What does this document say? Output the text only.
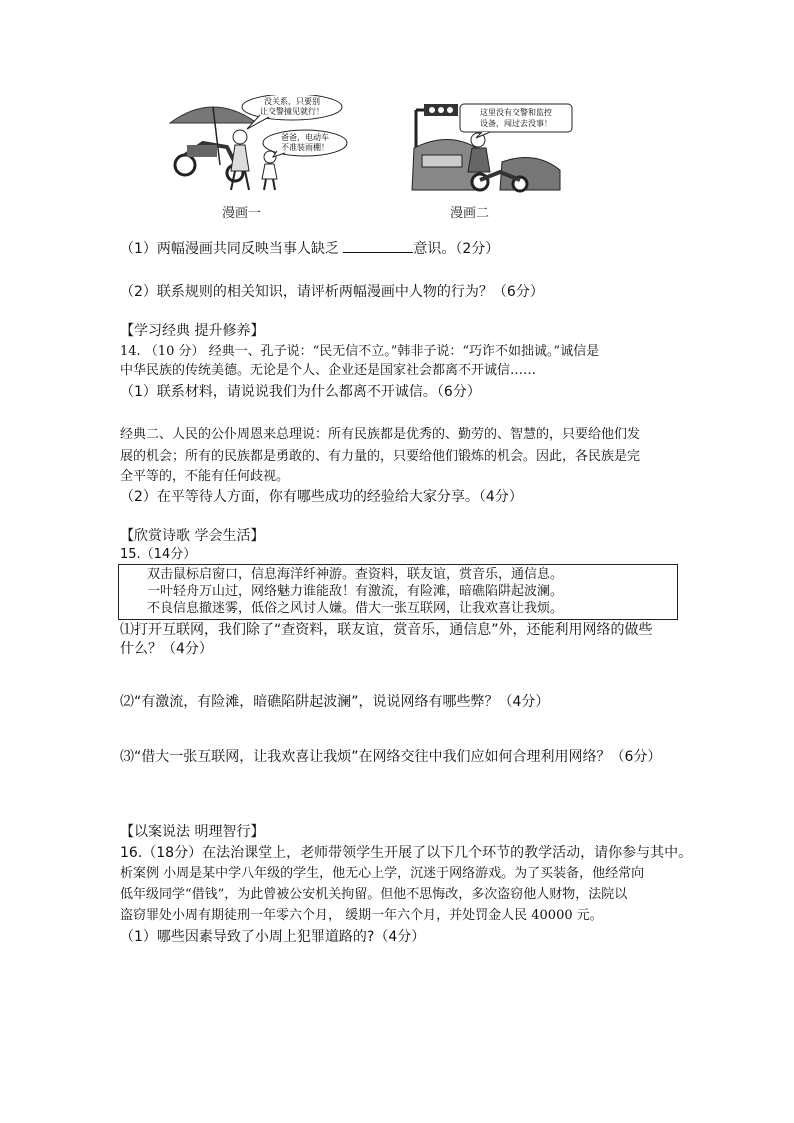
没关系，只要别
让交警撞见就行！
爸爸，电动车
不准装雨棚！
漫画一
这里没有交警和监控
设备，闯过去没事！
漫画二
（1）两幅漫画共同反映当事人缺乏	意识。（2分）
（2）联系规则的相关知识，请评析两幅漫画中人物的行为？（6分）
【学习经典 提升修养】
14. （10 分） 经典一、孔子说：“民无信不立。”韩非子说：“巧诈不如拙诚。”诚信是
中华民族的传统美德。无论是个人、企业还是国家社会都离不开诚信……
（1）联系材料，请说说我们为什么都离不开诚信。（6分）
经典二、人民的公仆周恩来总理说：所有民族都是优秀的、勤劳的、智慧的，只要给他们发
展的机会；所有的民族都是勇敢的、有力量的，只要给他们锻炼的机会。因此，各民族是完
全平等的，不能有任何歧视。
（2）在平等待人方面，你有哪些成功的经验给大家分享。（4分）
【欣赏诗歌 学会生活】
15.（14分）
双击鼠标启窗口，信息海洋纤神游。查资料，联友谊，赏音乐，通信息。
一叶轻舟万山过，网络魅力谁能敌！有激流，有险滩，暗礁陷阱起波澜。
不良信息撤迷雾，低俗之风讨人嫌。借大一张互联网，让我欢喜让我烦。
⑴打开互联网，我们除了“查资料，联友谊，赏音乐，通信息”外，还能利用网络的做些
什么？（4分）
⑵“有激流，有险滩，暗礁陷阱起波澜”，说说网络有哪些弊？（4分）
⑶“借大一张互联网，让我欢喜让我烦”在网络交往中我们应如何合理利用网络？（6分）
【以案说法 明理智行】
16.（18分）在法治课堂上，老师带领学生开展了以下几个环节的教学活动，请你参与其中。
析案例 小周是某中学八年级的学生，他无心上学，沉迷于网络游戏。为了买装备，他经常向
低年级同学“借钱”，为此曾被公安机关拘留。但他不思悔改，多次盗窃他人财物，法院以
盗窃罪处小周有期徒刑一年零六个月， 缓期一年六个月，并处罚金人民 40000 元。
（1）哪些因素导致了小周上犯罪道路的?（4分）
